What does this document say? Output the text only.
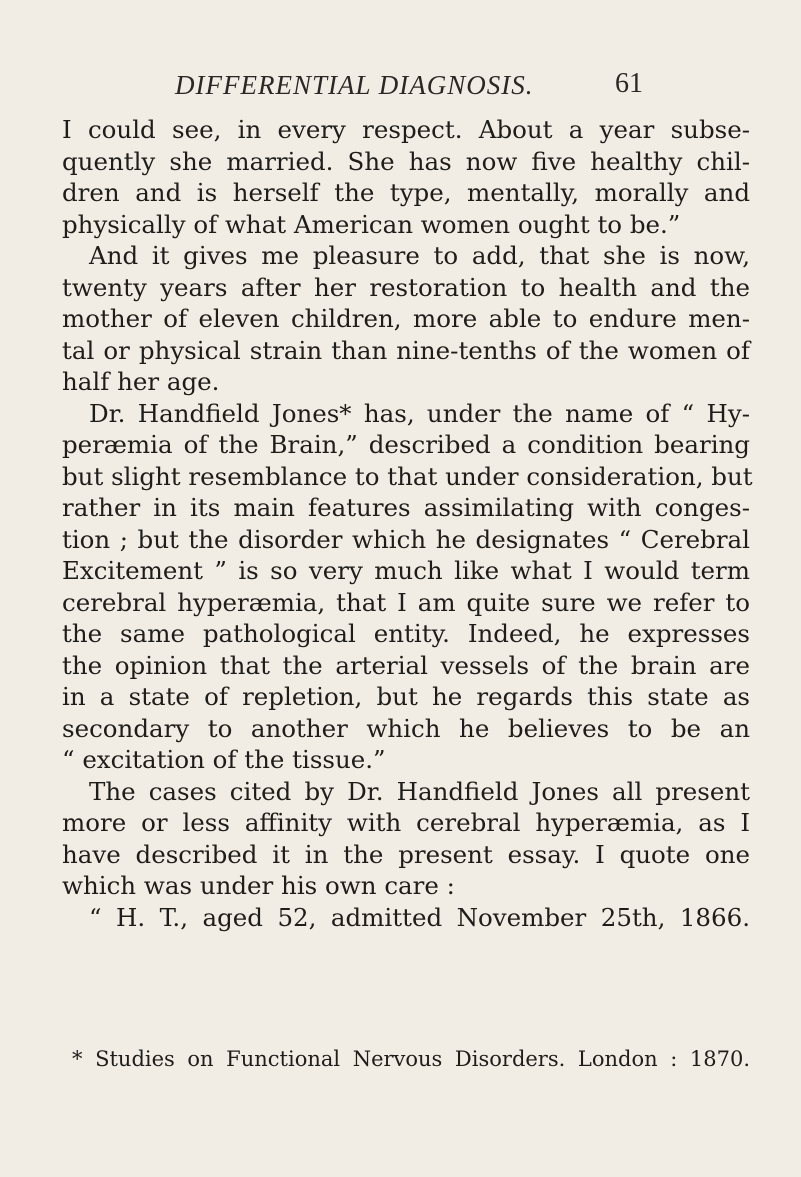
DIFFERENTIAL DIAGNOSIS.	61
I could see, in every respect. About a year subse-
quently she married. She has now five healthy chil-
dren and is herself the type, mentally, morally and
physically of what American women ought to be.”
And it gives me pleasure to add, that she is now,
twenty years after her restoration to health and the
mother of eleven children, more able to endure men-
tal or physical strain than nine-tenths of the women of
half her age.
Dr. Handfield Jones* has, under the name of “ Hy-
peræmia of the Brain,” described a condition bearing
but slight resemblance to that under consideration, but
rather in its main features assimilating with conges-
tion ; but the disorder which he designates “ Cerebral
Excitement ” is so very much like what I would term
cerebral hyperæmia, that I am quite sure we refer to
the same pathological entity. Indeed, he expresses
the opinion that the arterial vessels of the brain are
in a state of repletion, but he regards this state as
secondary to another which he believes to be an
“ excitation of the tissue.”
The cases cited by Dr. Handfield Jones all present
more or less affinity with cerebral hyperæmia, as I
have described it in the present essay. I quote one
which was under his own care :
“ H. T., aged 52, admitted November 25th, 1866.
* Studies on Functional Nervous Disorders. London : 1870.
